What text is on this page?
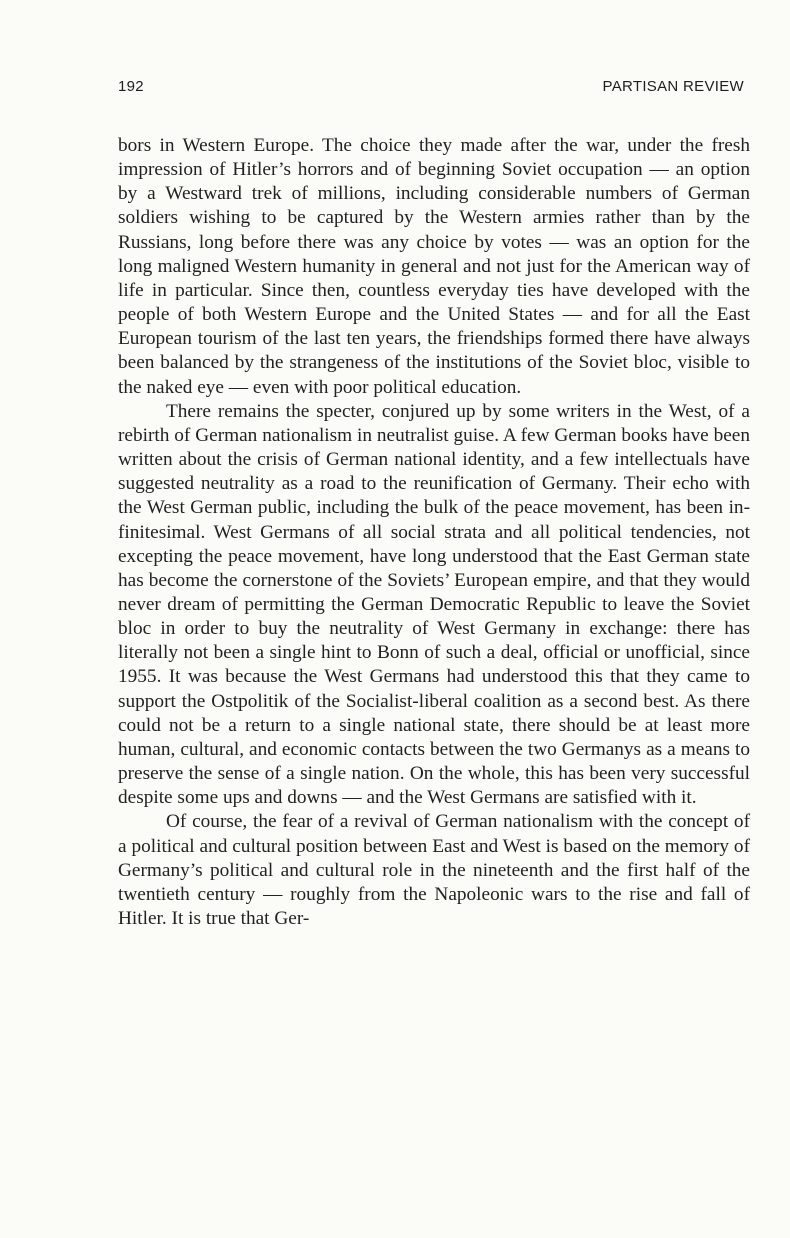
192	PARTISAN REVIEW

bors in Western Europe. The choice they made after the war, under the fresh impression of Hitler’s horrors and of beginning Soviet occupation — an option by a Westward trek of millions, including considerable numbers of German soldiers wishing to be captured by the Western armies rather than by the Russians, long before there was any choice by votes — was an option for the long maligned Western humanity in general and not just for the American way of life in particular. Since then, countless everyday ties have developed with the people of both Western Europe and the United States — and for all the East European tourism of the last ten years, the friendships formed there have always been balanced by the strangeness of the institutions of the Soviet bloc, visible to the naked eye — even with poor political education.

There remains the specter, conjured up by some writers in the West, of a rebirth of German nationalism in neutralist guise. A few German books have been written about the crisis of German national identity, and a few intellectuals have suggested neutrality as a road to the reunification of Germany. Their echo with the West German public, including the bulk of the peace movement, has been infinitesimal. West Germans of all social strata and all political tendencies, not excepting the peace movement, have long understood that the East German state has become the cornerstone of the Soviets’ European empire, and that they would never dream of permitting the German Democratic Republic to leave the Soviet bloc in order to buy the neutrality of West Germany in exchange: there has literally not been a single hint to Bonn of such a deal, official or unofficial, since 1955. It was because the West Germans had understood this that they came to support the Ostpolitik of the Socialist-liberal coalition as a second best. As there could not be a return to a single national state, there should be at least more human, cultural, and economic contacts between the two Germanys as a means to preserve the sense of a single nation. On the whole, this has been very successful despite some ups and downs — and the West Germans are satisfied with it.

Of course, the fear of a revival of German nationalism with the concept of a political and cultural position between East and West is based on the memory of Germany’s political and cultural role in the nineteenth and the first half of the twentieth century — roughly from the Napoleonic wars to the rise and fall of Hitler. It is true that Ger-
